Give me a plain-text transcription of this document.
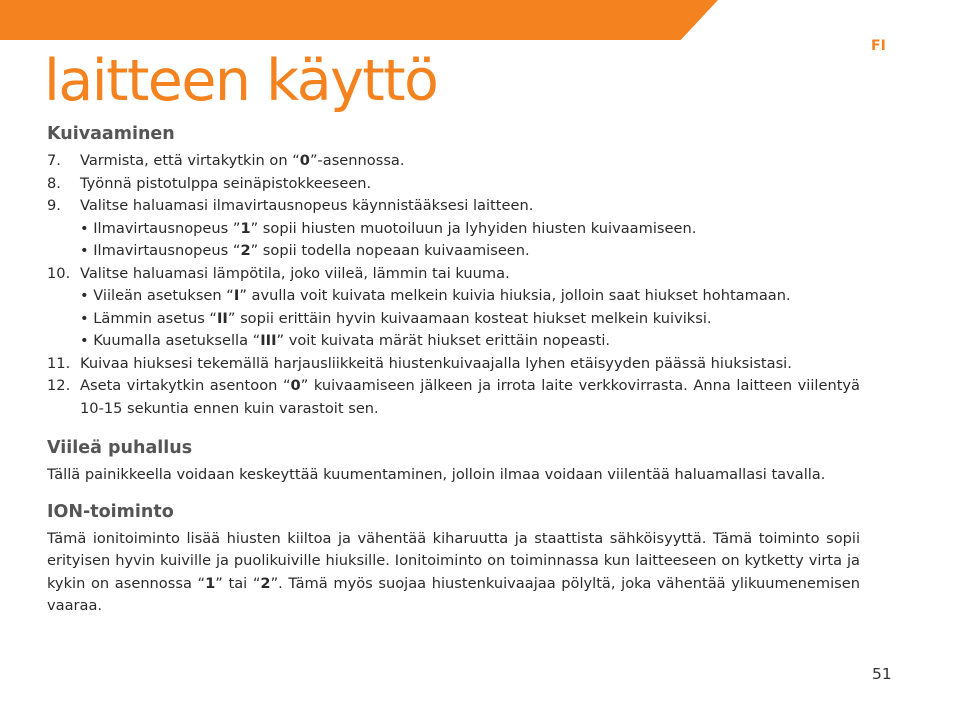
FI
laitteen käyttö
Kuivaaminen
7.	Varmista, että virtakytkin on “0”-asennossa.
8.	Työnnä pistotulppa seinäpistokkeeseen.
9.	Valitse haluamasi ilmavirtausnopeus käynnistääksesi laitteen.
• Ilmavirtausnopeus ”1” sopii hiusten muotoiluun ja lyhyiden hiusten kuivaamiseen.
• Ilmavirtausnopeus “2” sopii todella nopeaan kuivaamiseen.
10. Valitse haluamasi lämpötila, joko viileä, lämmin tai kuuma.
• Viileän asetuksen “I” avulla voit kuivata melkein kuivia hiuksia, jolloin saat hiukset hohtamaan.
• Lämmin asetus “II” sopii erittäin hyvin kuivaamaan kosteat hiukset melkein kuiviksi.
• Kuumalla asetuksella “III” voit kuivata märät hiukset erittäin nopeasti.
11. Kuivaa hiuksesi tekemällä harjausliikkeitä hiustenkuivaajalla lyhen etäisyyden päässä hiuksistasi.
12. Aseta virtakytkin asentoon “0” kuivaamiseen jälkeen ja irrota laite verkkovirrasta. Anna laitteen viilentyä 10-15 sekuntia ennen kuin varastoit sen.
Viileä puhallus

Tällä painikkeella voidaan keskeyttää kuumentaminen, jolloin ilmaa voidaan viilentää haluamallasi tavalla.

ION-toiminto

Tämä ionitoiminto lisää hiusten kiiltoa ja vähentää kiharuutta ja staattista sähköisyyttä. Tämä toiminto sopii erityisen hyvin kuiville ja puolikuiville hiuksille. Ionitoiminto on toiminnassa kun laitteeseen on kytketty virta ja kykin on asennossa “1” tai “2”. Tämä myös suojaa hiustenkuivaajaa pölyltä, joka vähentää ylikuumenemisen vaaraa.

51
